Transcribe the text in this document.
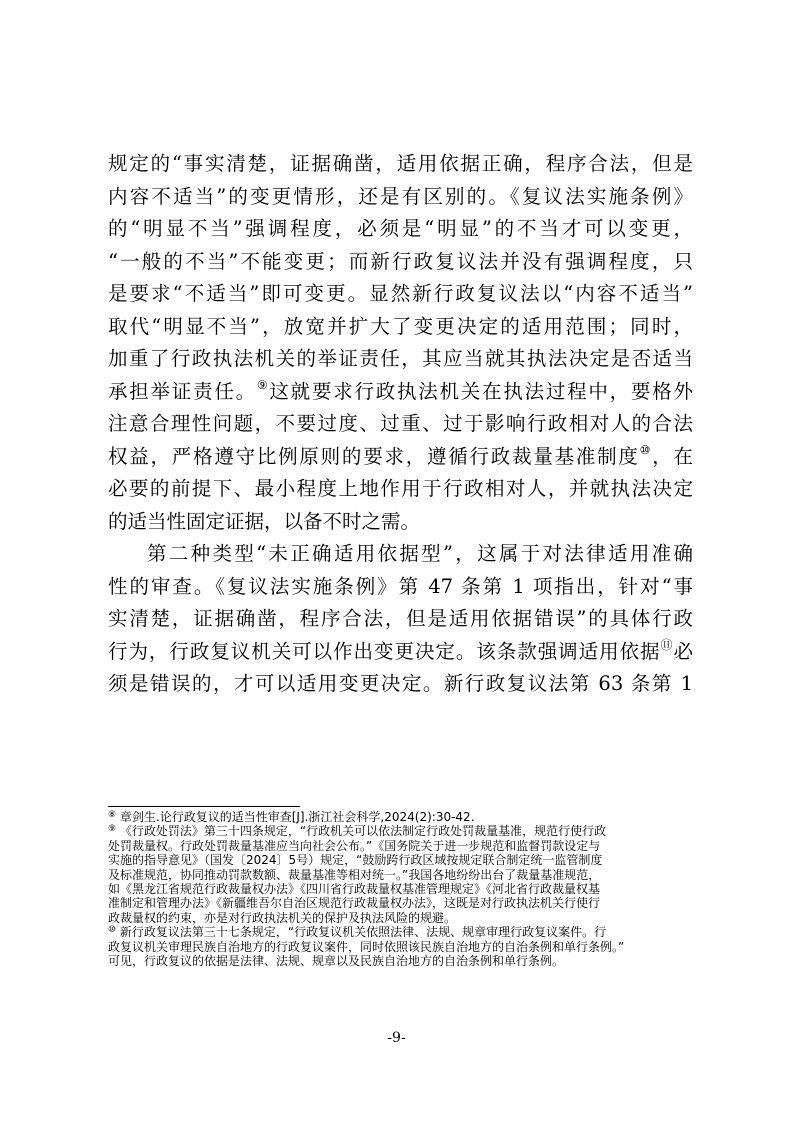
规定的“事实清楚，证据确凿，适用依据正确，程序合法，但是
内容不适当”的变更情形，还是有区别的。《复议法实施条例》
的“明显不当”强调程度，必须是“明显”的不当才可以变更，
“一般的不当”不能变更；而新行政复议法并没有强调程度，只
是要求“不适当”即可变更。显然新行政复议法以“内容不适当”
取代“明显不当”，放宽并扩大了变更决定的适用范围；同时，
加重了行政执法机关的举证责任，其应当就其执法决定是否适当
承担举证责任。⑨这就要求行政执法机关在执法过程中，要格外
注意合理性问题，不要过度、过重、过于影响行政相对人的合法
权益，严格遵守比例原则的要求，遵循行政裁量基准制度⑩，在
必要的前提下、最小程度上地作用于行政相对人，并就执法决定
的适当性固定证据，以备不时之需。
第二种类型“未正确适用依据型”，这属于对法律适用准确
性的审查。《复议法实施条例》第 47 条第 1 项指出，针对“事
实清楚，证据确凿，程序合法，但是适用依据错误”的具体行政
行为，行政复议机关可以作出变更决定。该条款强调适用依据⑪必
须是错误的，才可以适用变更决定。新行政复议法第 63 条第 1
⑧ 章剑生.论行政复议的适当性审查[J].浙江社会科学,2024(2):30-42.
⑨ 《行政处罚法》第三十四条规定，“行政机关可以依法制定行政处罚裁量基准，规范行使行政
处罚裁量权。行政处罚裁量基准应当向社会公布。”《国务院关于进一步规范和监督罚款设定与
实施的指导意见》（国发〔2024〕5号）规定，“鼓励跨行政区域按规定联合制定统一监管制度
及标准规范，协同推动罚款数额、裁量基准等相对统一。”我国各地纷纷出台了裁量基准规范，
如《黑龙江省规范行政裁量权办法》《四川省行政裁量权基准管理规定》《河北省行政裁量权基
准制定和管理办法》《新疆维吾尔自治区规范行政裁量权办法》，这既是对行政执法机关行使行
政裁量权的约束，亦是对行政执法机关的保护及执法风险的规避。
⑩ 新行政复议法第三十七条规定，“行政复议机关依照法律、法规、规章审理行政复议案件。行
政复议机关审理民族自治地方的行政复议案件，同时依照该民族自治地方的自治条例和单行条例。”
可见，行政复议的依据是法律、法规、规章以及民族自治地方的自治条例和单行条例。
-9-
